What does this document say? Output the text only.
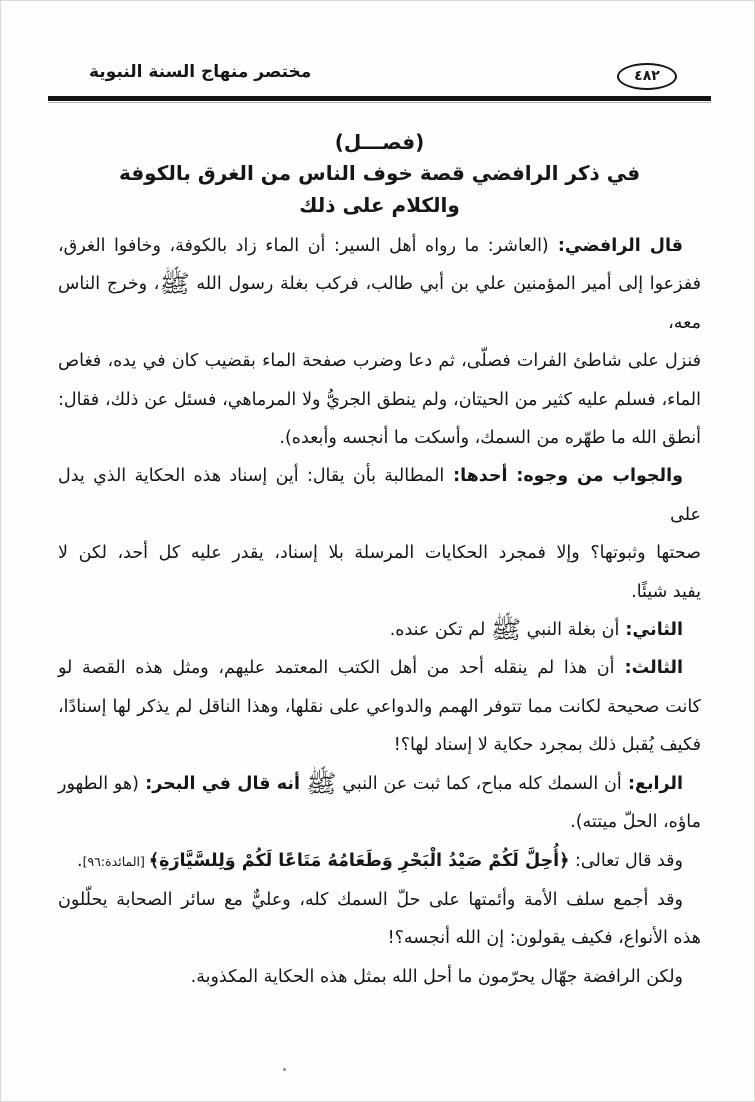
مختصر منهاج السنة النبوية	٤٨٢
(فصـــل)
في ذكر الرافضي قصة خوف الناس من الغرق بالكوفة
والكلام على ذلك
قال الرافضي: (العاشر: ما رواه أهل السير: أن الماء زاد بالكوفة، وخافوا الغرق،
ففزعوا إلى أمير المؤمنين علي بن أبي طالب، فركب بغلة رسول الله ﷺ، وخرج الناس معه،
فنزل على شاطئ الفرات فصلّى، ثم دعا وضرب صفحة الماء بقضيب كان في يده، فغاص
الماء، فسلم عليه كثير من الحيتان، ولم ينطق الجريُّ ولا المرماهي، فسئل عن ذلك، فقال:
أنطق الله ما طهّره من السمك، وأسكت ما أنجسه وأبعده).
والجواب من وجوه: أحدها: المطالبة بأن يقال: أين إسناد هذه الحكاية الذي يدل على
صحتها وثبوتها؟ وإلا فمجرد الحكايات المرسلة بلا إسناد، يقدر عليه كل أحد، لكن لا
يفيد شيئًا.
الثاني: أن بغلة النبي ﷺ لم تكن عنده.
الثالث: أن هذا لم ينقله أحد من أهل الكتب المعتمد عليهم، ومثل هذه القصة لو
كانت صحيحة لكانت مما تتوفر الهمم والدواعي على نقلها، وهذا الناقل لم يذكر لها إسنادًا،
فكيف يُقبل ذلك بمجرد حكاية لا إسناد لها؟!
الرابع: أن السمك كله مباح، كما ثبت عن النبي ﷺ أنه قال في البحر: (هو الطهور
ماؤه، الحلّ ميتته).
وقد قال تعالى: ﴿أُحِلَّ لَكُمْ صَيْدُ الْبَحْرِ وَطَعَامُهُ مَتَاعًا لَكُمْ وَلِلسَّيَّارَةِ﴾ [المائدة:٩٦].
وقد أجمع سلف الأمة وأئمتها على حلّ السمك كله، وعليٌّ مع سائر الصحابة يحلّلون
هذه الأنواع، فكيف يقولون: إن الله أنجسه؟!
ولكن الرافضة جهّال يحرّمون ما أحل الله بمثل هذه الحكاية المكذوبة.
